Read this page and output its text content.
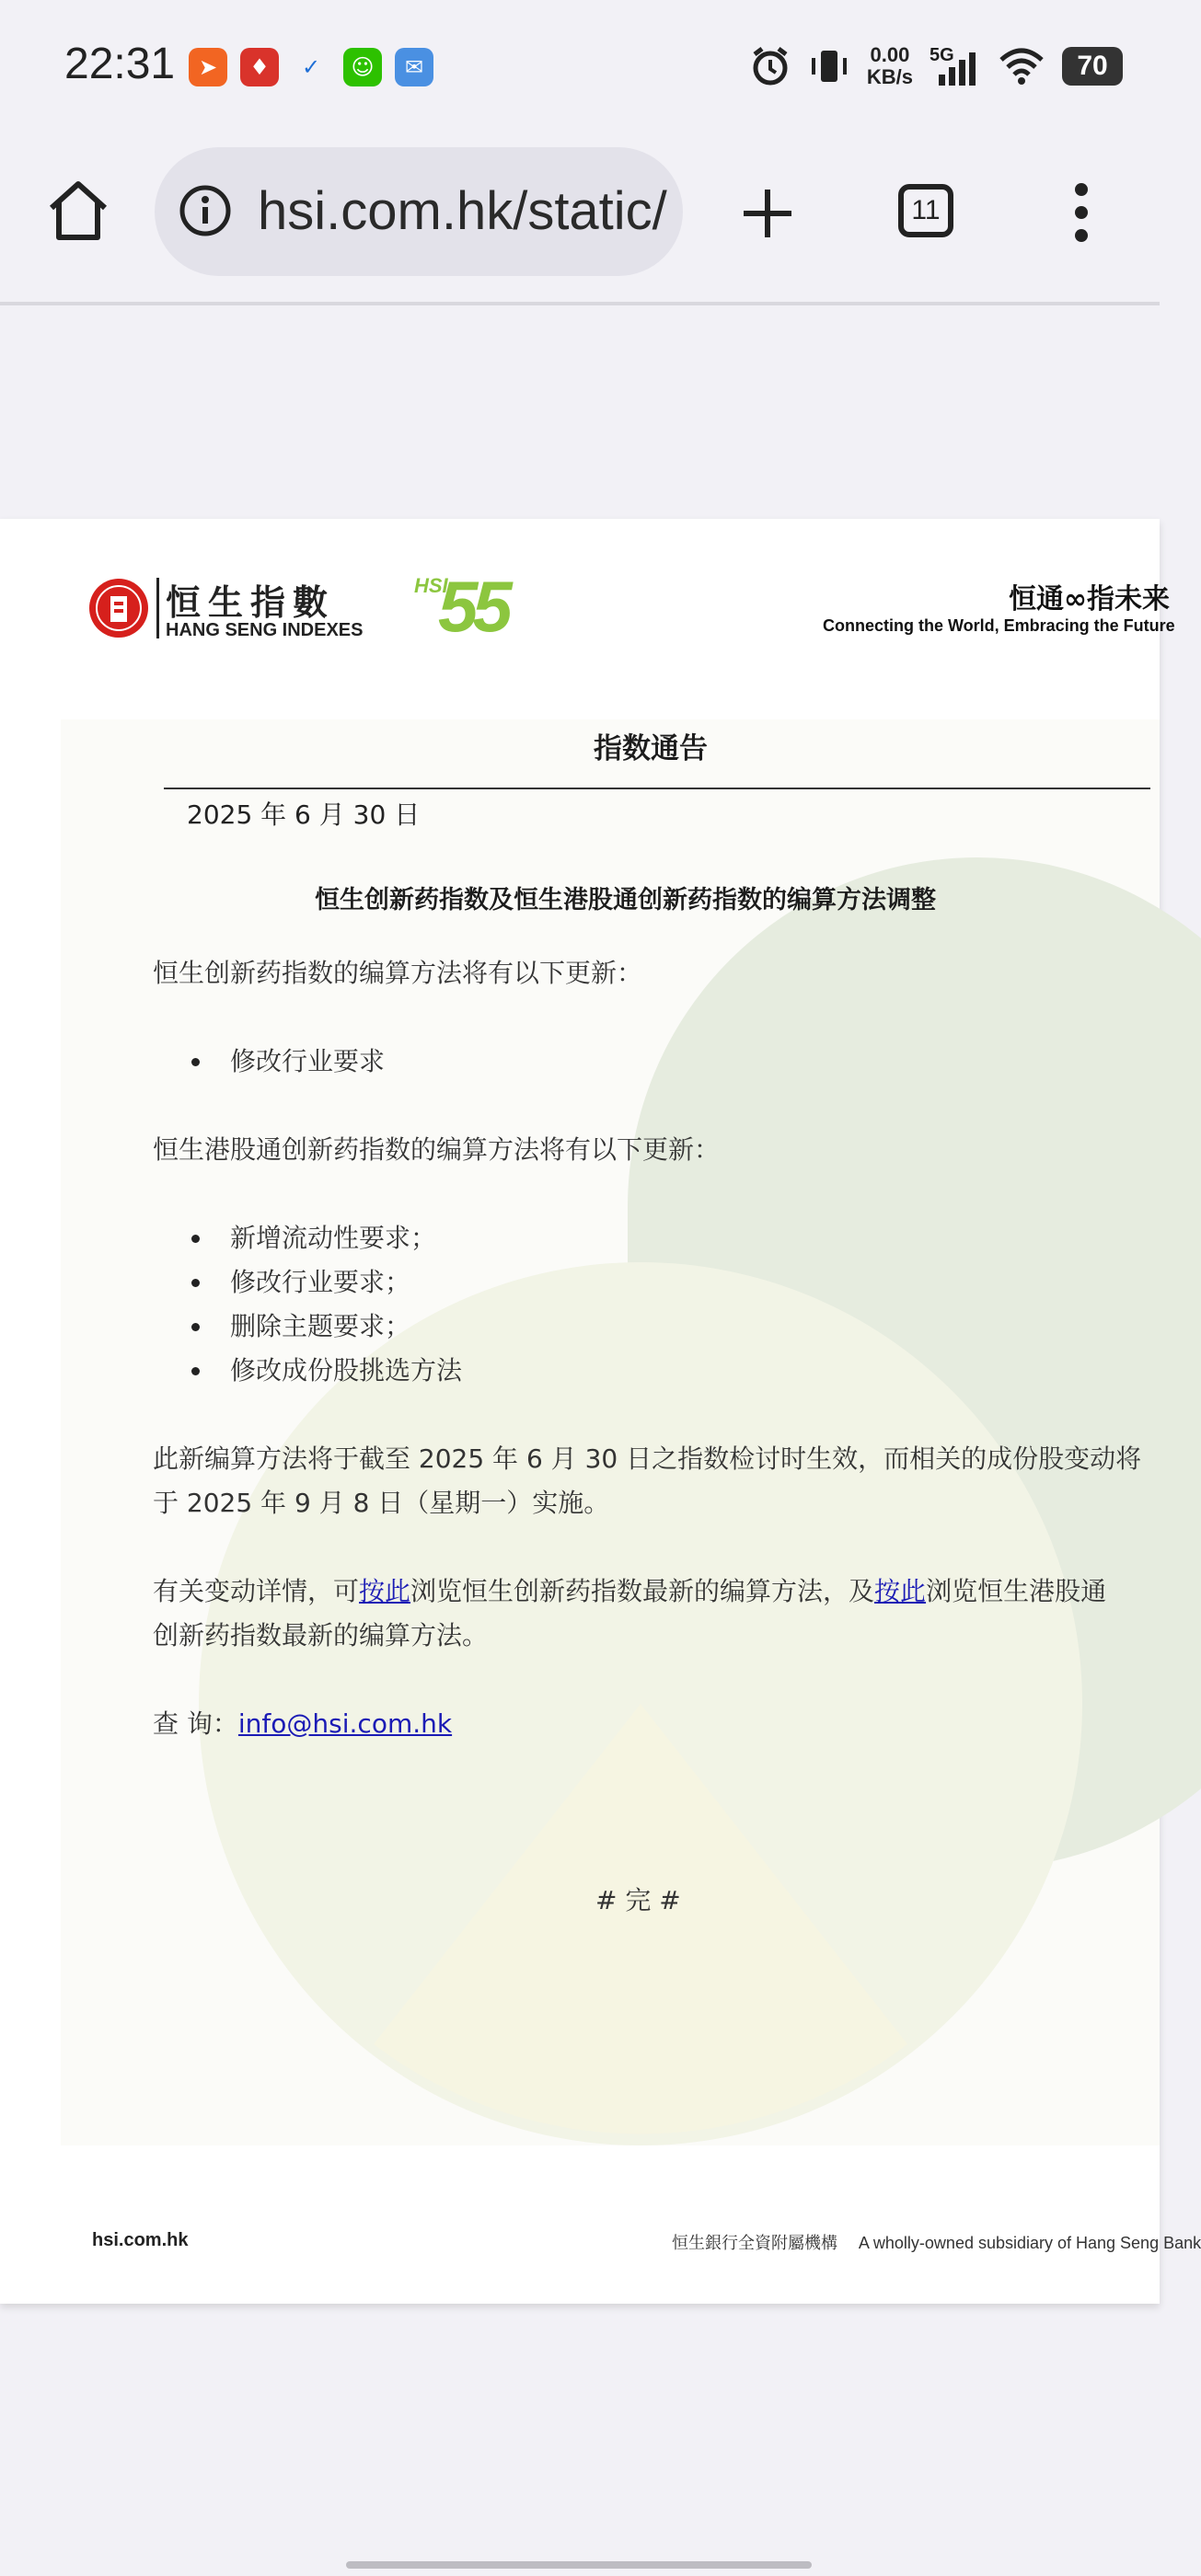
22:31	➤	♦	✓	☺	✉	0.00
KB/s
5G	70
hsi.com.hk/static/	11
恒生指數
HANG SENG INDEXES
HSI
55	恒通∞指未来
Connecting the World, Embracing the Future
指数通告
2025 年 6 月 30 日
恒生创新药指数及恒生港股通创新药指数的编算方法调整
恒生创新药指数的编算方法将有以下更新：
修改行业要求
恒生港股通创新药指数的编算方法将有以下更新：
新增流动性要求；
修改行业要求；
删除主题要求；
修改成份股挑选方法
此新编算方法将于截至 2025 年 6 月 30 日之指数检讨时生效，而相关的成份股变动将
于 2025 年 9 月 8 日（星期一）实施。
有关变动详情，可按此浏览恒生创新药指数最新的编算方法，及按此浏览恒生港股通
创新药指数最新的编算方法。
查 询：info@hsi.com.hk
# 完 #
hsi.com.hk	恒生銀行全資附屬機構 A wholly-owned subsidiary of Hang Seng Bank
